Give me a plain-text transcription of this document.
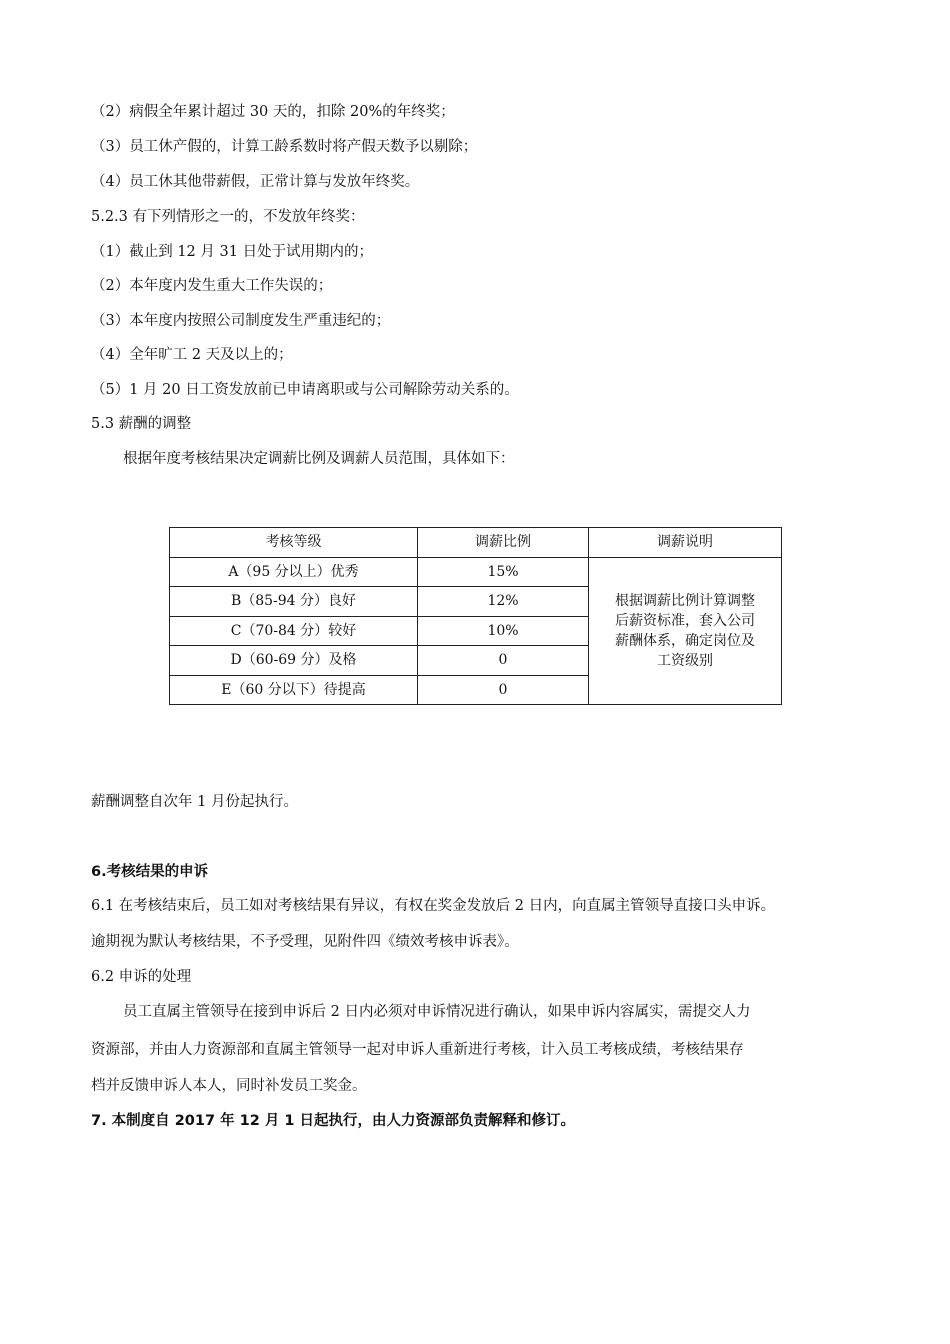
（2）病假全年累计超过 30 天的，扣除 20%的年终奖；
（3）员工休产假的，计算工龄系数时将产假天数予以剔除；
（4）员工休其他带薪假，正常计算与发放年终奖。
5.2.3 有下列情形之一的，不发放年终奖：
（1）截止到 12 月 31 日处于试用期内的；
（2）本年度内发生重大工作失误的；
（3）本年度内按照公司制度发生严重违纪的；
（4）全年旷工 2 天及以上的；
（5）1 月 20 日工资发放前已申请离职或与公司解除劳动关系的。
5.3 薪酬的调整
根据年度考核结果决定调薪比例及调薪人员范围，具体如下：
考核等级	调薪比例	调薪说明
A（95 分以上）优秀	15%	根据调薪比例计算调整
后薪资标准，套入公司
薪酬体系，确定岗位及
工资级别

B（85-94 分）良好	12%	
C（70-84 分）较好	10%	
D（60-69 分）及格	0	
E（60 分以下）待提高	0	
薪酬调整自次年 1 月份起执行。
6.考核结果的申诉
6.1 在考核结束后，员工如对考核结果有异议，有权在奖金发放后 2 日内，向直属主管领导直接口头申诉。
逾期视为默认考核结果，不予受理，见附件四《绩效考核申诉表》。
6.2 申诉的处理
员工直属主管领导在接到申诉后 2 日内必须对申诉情况进行确认，如果申诉内容属实，需提交人力
资源部，并由人力资源部和直属主管领导一起对申诉人重新进行考核，计入员工考核成绩，考核结果存
档并反馈申诉人本人，同时补发员工奖金。
7. 本制度自 2017 年 12 月 1 日起执行，由人力资源部负责解释和修订。
